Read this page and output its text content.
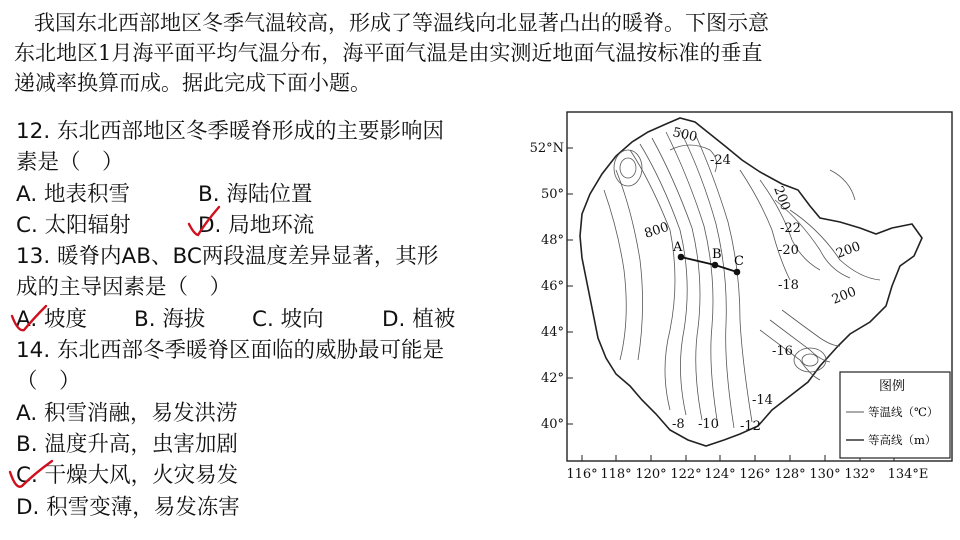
我国东北西部地区冬季气温较高，形成了等温线向北显著凸出的暖脊。下图示意
东北地区1月海平面平均气温分布，海平面气温是由实测近地面气温按标准的垂直
递减率换算而成。据此完成下面小题。
12. 东北西部地区冬季暖脊形成的主要影响因
素是（　）
A. 地表积雪	B. 海陆位置
C. 太阳辐射	D. 局地环流
13. 暖脊内AB、BC两段温度差异显著，其形
成的主导因素是（　）
A. 坡度 B. 海拔 C. 坡向	D. 植被
14. 东北西部冬季暖脊区面临的威胁最可能是
（　）
A. 积雪消融，易发洪涝
B. 温度升高，虫害加剧
C. 干燥大风，火灾易发
D. 积雪变薄，易发冻害
52°N
50°
48°
46°
44°
42°
40°
116° 118° 120° 122° 124° 126° 128° 130° 132° 134°E
-24
-22
-20
-18
-16
-14
-12
-10
-8
500
200
800
200
200
A B C
图例
等温线（℃）
等高线（m）
